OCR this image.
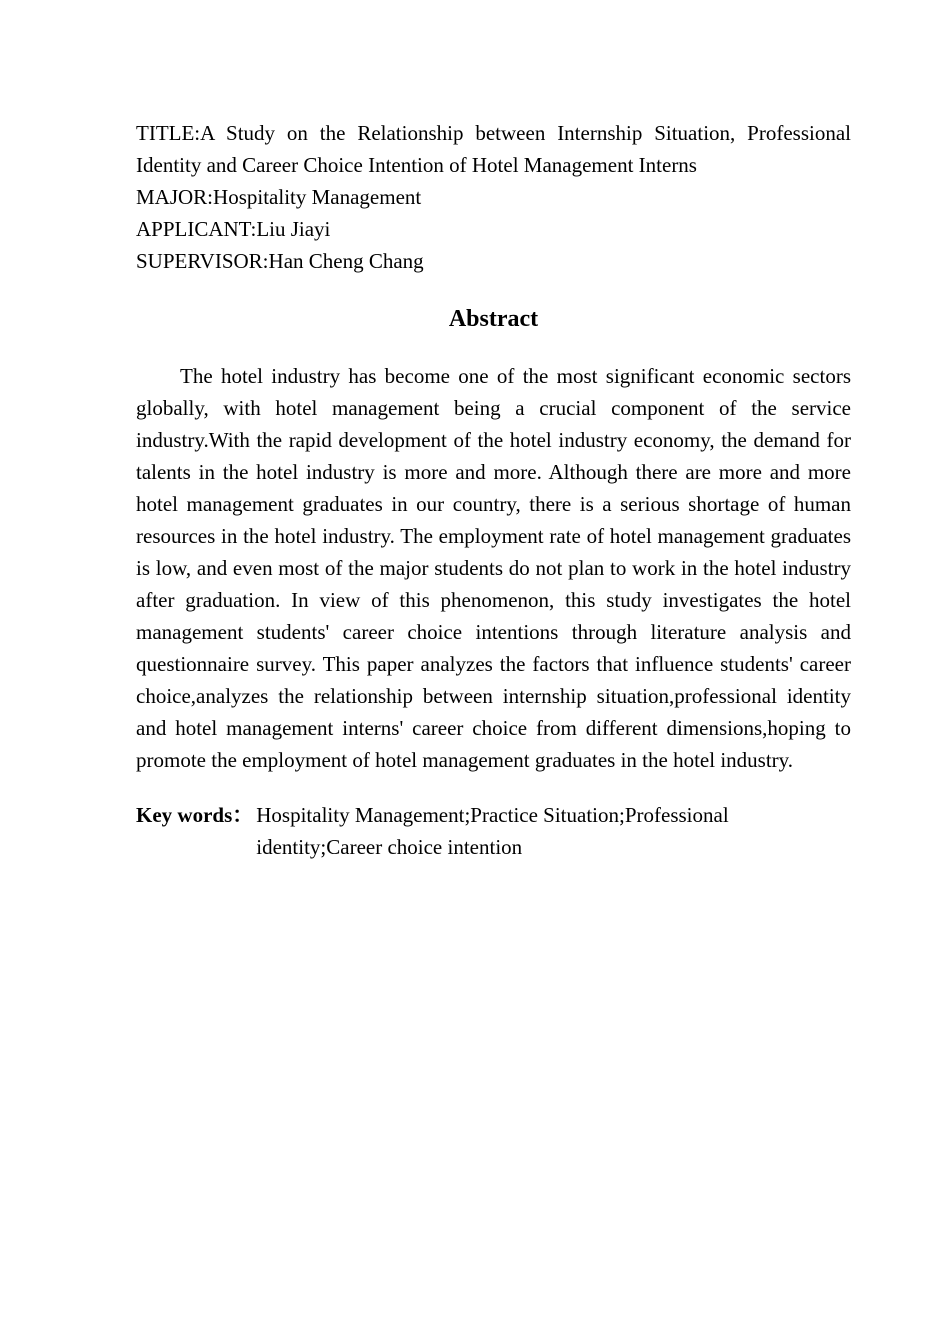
TITLE:A Study on the Relationship between Internship Situation, Professional Identity and Career Choice Intention of Hotel Management Interns

MAJOR:Hospitality Management

APPLICANT:Liu Jiayi

SUPERVISOR:Han Cheng Chang

Abstract

The hotel industry has become one of the most significant economic sectors globally, with hotel management being a crucial component of the service industry.With the rapid development of the hotel industry economy, the demand for talents in the hotel industry is more and more. Although there are more and more hotel management graduates in our country, there is a serious shortage of human resources in the hotel industry. The employment rate of hotel management graduates is low, and even most of the major students do not plan to work in the hotel industry after graduation. In view of this phenomenon, this study investigates the hotel management students' career choice intentions through literature analysis and questionnaire survey. This paper analyzes the factors that influence students' career choice,analyzes the relationship between internship situation,professional identity and hotel management interns' career choice from different dimensions,hoping to promote the employment of hotel management graduates in the hotel industry.

Key words ： Hospitality Management;Practice Situation;Professional identity;Career choice intention
